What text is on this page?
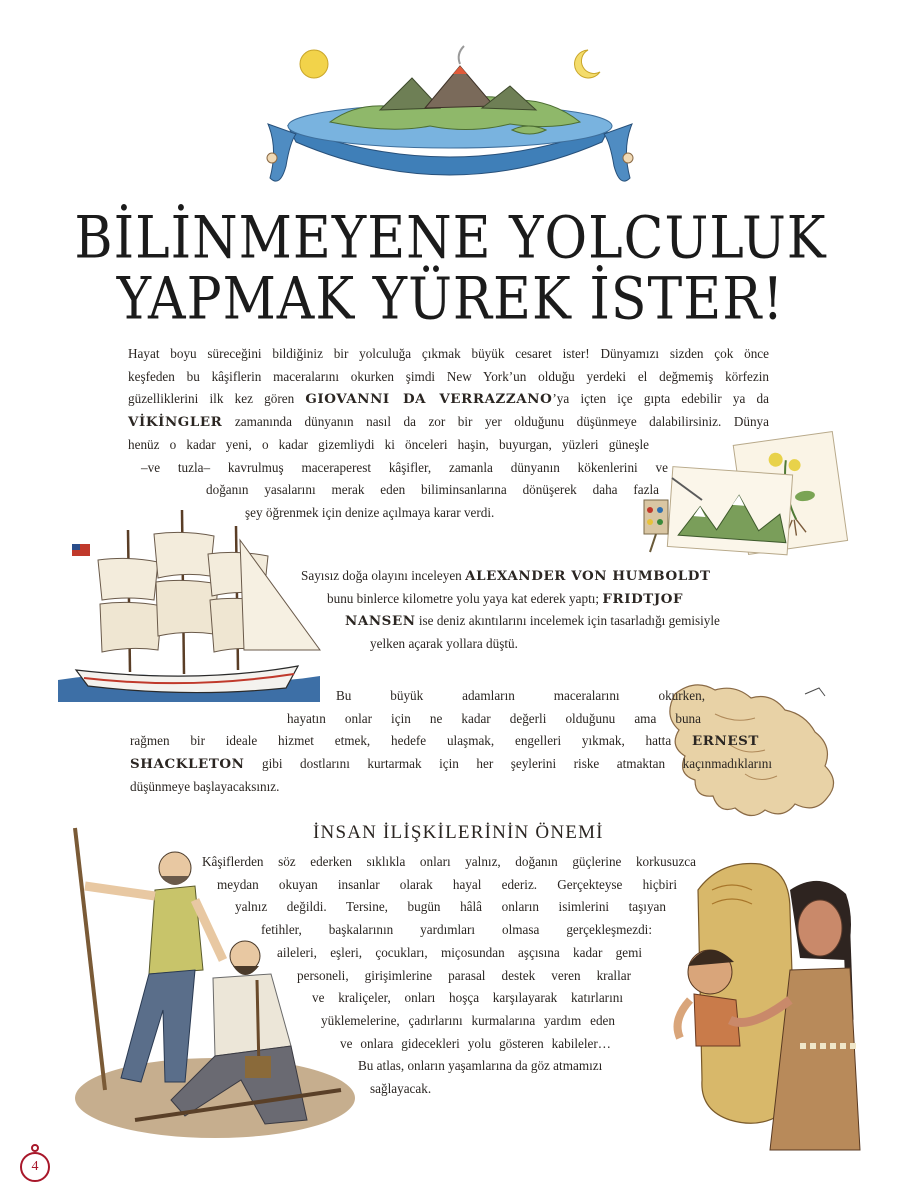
BİLİNMEYENE YOLCULUK
YAPMAK YÜREK İSTER!
Hayat boyu süreceğini bildiğiniz bir yolculuğa çıkmak büyük cesaret ister! Dünyamızı sizden çok önce
keşfeden bu kâşiflerin maceralarını okurken şimdi New York’un olduğu yerdeki el değmemiş körfezin
güzelliklerini ilk kez gören GIOVANNI DA VERRAZZANO’ya içten içe gıpta edebilir ya da
VİKİNGLER zamanında dünyanın nasıl da zor bir yer olduğunu düşünmeye dalabilirsiniz. Dünya
henüz o kadar yeni, o kadar gizemliydi ki önceleri haşin, buyurgan, yüzleri güneşle
–ve tuzla– kavrulmuş maceraperest kâşifler, zamanla dünyanın kökenlerini ve
doğanın yasalarını merak eden biliminsanlarına dönüşerek daha fazla
şey öğrenmek için denize açılmaya karar verdi.
Sayısız doğa olayını inceleyen ALEXANDER VON HUMBOLDT
bunu binlerce kilometre yolu yaya kat ederek yaptı; FRIDTJOF
NANSEN ise deniz akıntılarını incelemek için tasarladığı gemisiyle
yelken açarak yollara düştü.
Bu büyük adamların maceralarını okurken,
hayatın onlar için ne kadar değerli olduğunu ama buna
rağmen bir ideale hizmet etmek, hedefe ulaşmak, engelleri yıkmak, hatta ERNEST
SHACKLETON gibi dostlarını kurtarmak için her şeylerini riske atmaktan kaçınmadıklarını
düşünmeye başlayacaksınız.
İNSAN İLİŞKİLERİNİN ÖNEMİ
Kâşiflerden söz ederken sıklıkla onları yalnız, doğanın güçlerine korkusuzca
meydan okuyan insanlar olarak hayal ederiz. Gerçekteyse hiçbiri
yalnız değildi. Tersine, bugün hâlâ onların isimlerini taşıyan
fetihler, başkalarının yardımları olmasa gerçekleşmezdi:
aileleri, eşleri, çocukları, miçosundan aşçısına kadar gemi
personeli, girişimlerine parasal destek veren krallar
ve kraliçeler, onları hoşça karşılayarak katırlarını
yüklemelerine, çadırlarını kurmalarına yardım eden
ve onlara gidecekleri yolu gösteren kabileler…
Bu atlas, onların yaşamlarına da göz atmamızı
sağlayacak.
4
